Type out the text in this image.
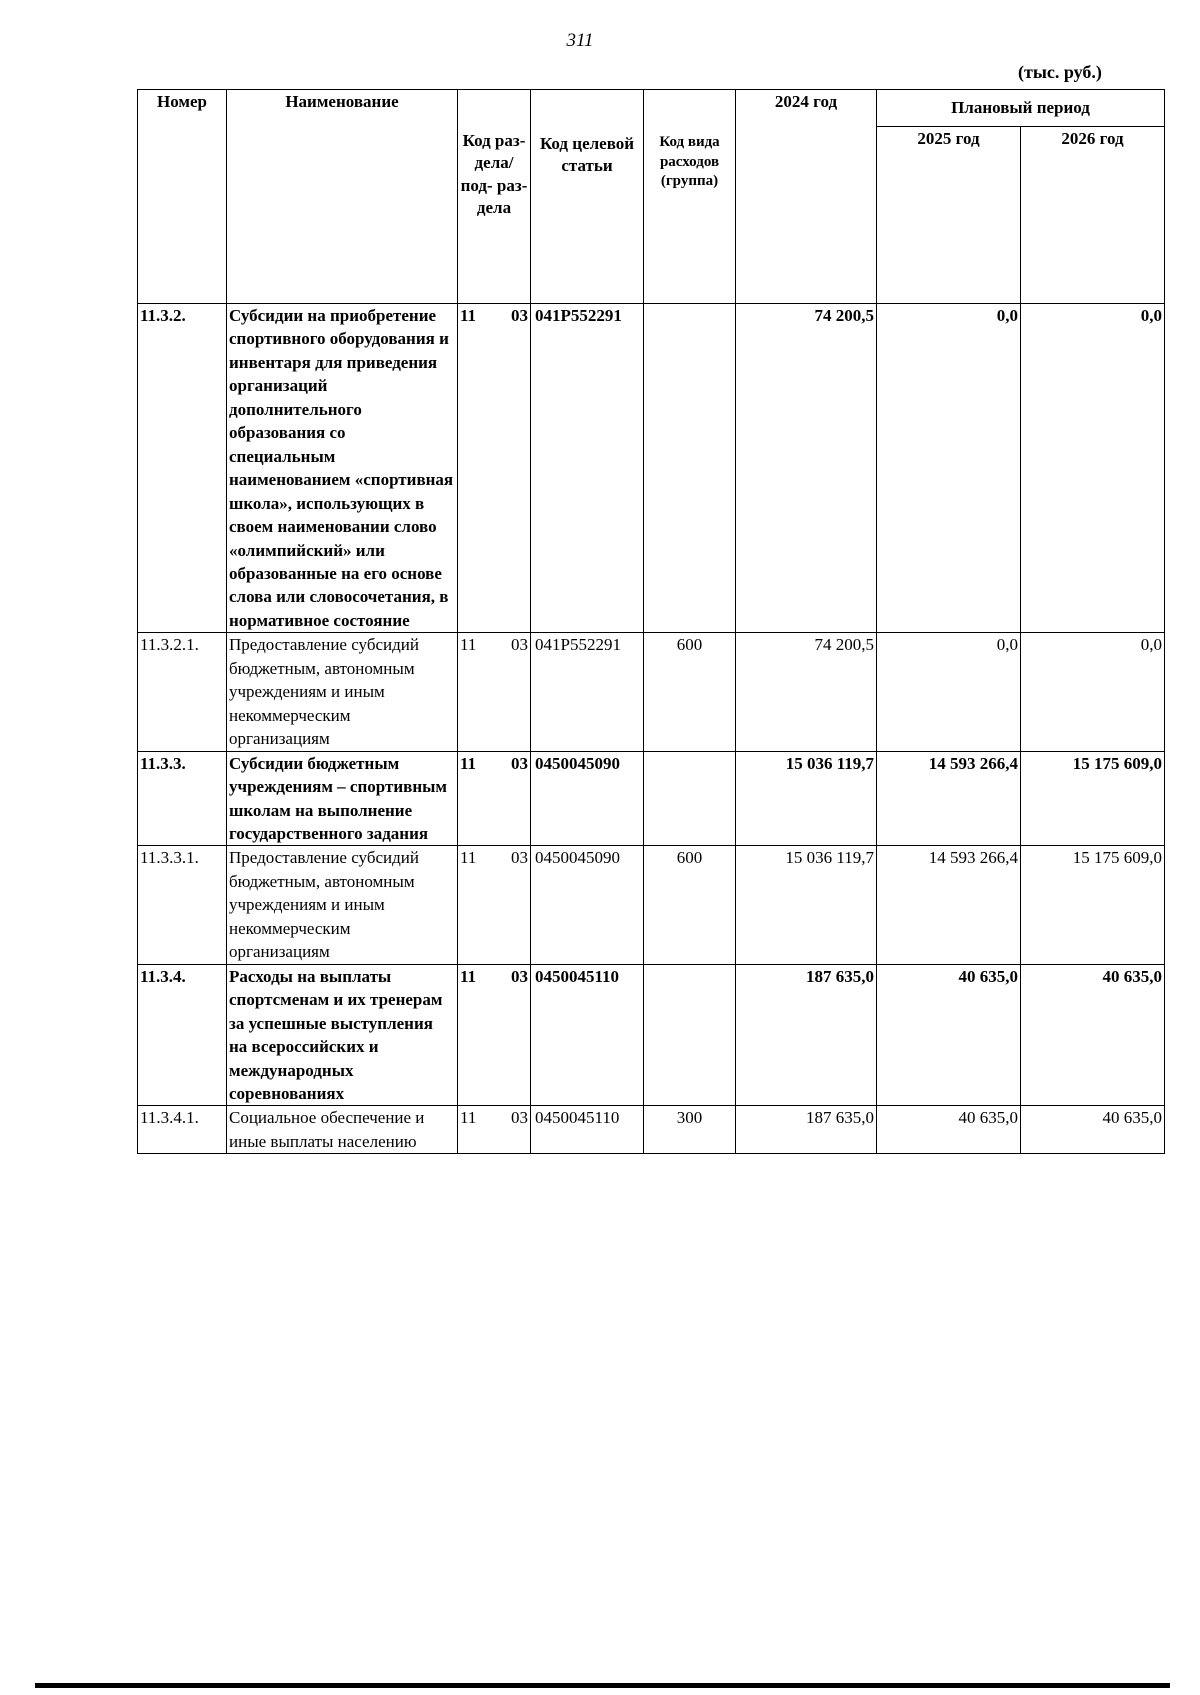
311
(тыс. руб.)
Номер	Наименование	Код раз- дела/ под- раз- дела	Код целевой статьи	Код вида расходов (группа)	2024 год	Плановый период	
						2025 год	2026 год
11.3.2.	Субсидии на приобретение спортивного оборудования и инвентаря для приведения организаций дополнительного образования со специальным наименованием «спортивная школа», использующих в своем наименовании слово «олимпийский» или образованные на его основе слова или словосочетания, в нормативное состояние	11 03	041P552291		74 200,5	0,0	0,0
11.3.2.1.	Предоставление субсидий бюджетным, автономным учреждениям и иным некоммерческим организациям	11 03	041P552291	600	74 200,5	0,0	0,0
11.3.3.	Субсидии бюджетным учреждениям – спортивным школам на выполнение государственного задания	11 03	0450045090		15 036 119,7	14 593 266,4	15 175 609,0
11.3.3.1.	Предоставление субсидий бюджетным, автономным учреждениям и иным некоммерческим организациям	11 03	0450045090	600	15 036 119,7	14 593 266,4	15 175 609,0
11.3.4.	Расходы на выплаты спортсменам и их тренерам за успешные выступления на всероссийских и международных соревнованиях	11 03	0450045110		187 635,0	40 635,0	40 635,0
11.3.4.1.	Социальное обеспечение и иные выплаты населению	11 03	0450045110	300	187 635,0	40 635,0	40 635,0
